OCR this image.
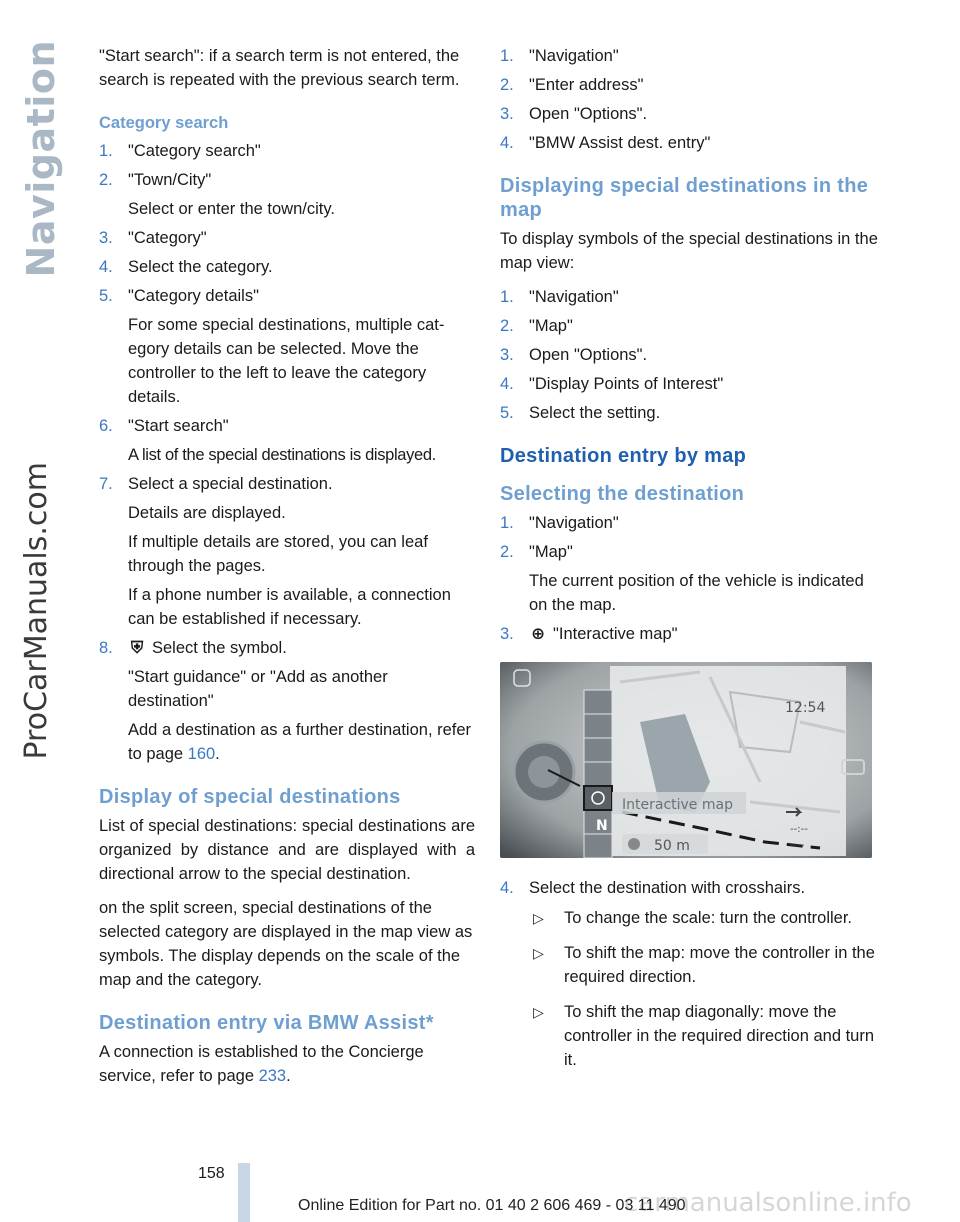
Navigation
ProCarManuals.com

"Start search": if a search term is not entered, the search is repeated with the previous search term.

Category search
1. "Category search"
2. "Town/City"
Select or enter the town/city.
3. "Category"
4. Select the category.
5. "Category details"
For some special destinations, multiple category details can be selected. Move the controller to the left to leave the category details.
6. "Start search"
A list of the special destinations is displayed.
7. Select a special destination.
Details are displayed.
If multiple details are stored, you can leaf through the pages.
If a phone number is available, a connection can be established if necessary.
8. ⛨ Select the symbol.
"Start guidance" or "Add as another destination"
Add a destination as a further destination, refer to page 160.
Display of special destinations

List of special destinations: special destinations are organized by distance and are displayed with a directional arrow to the special destination.

on the split screen, special destinations of the selected category are displayed in the map view as symbols. The display depends on the scale of the map and the category.

Destination entry via BMW Assist*

A connection is established to the Concierge service, refer to page 233.

1. "Navigation"
2. "Enter address"
3. Open "Options".
4. "BMW Assist dest. entry"
Displaying special destinations in the map

To display symbols of the special destinations in the map view:

1. "Navigation"
2. "Map"
3. Open "Options".
4. "Display Points of Interest"
5. Select the setting.
Destination entry by map
Selecting the destination
1. "Navigation"
2. "Map"
The current position of the vehicle is indicated on the map.
3. ⊕ "Interactive map"
Interactive map
12:54
50 m
--:--
----
N
4. Select the destination with crosshairs.
▷ To change the scale: turn the controller.
▷ To shift the map: move the controller in the required direction.
▷ To shift the map diagonally: move the controller in the required direction and turn it.
158
carmanualsonline.info
Online Edition for Part no. 01 40 2 606 469 - 03 11 490
